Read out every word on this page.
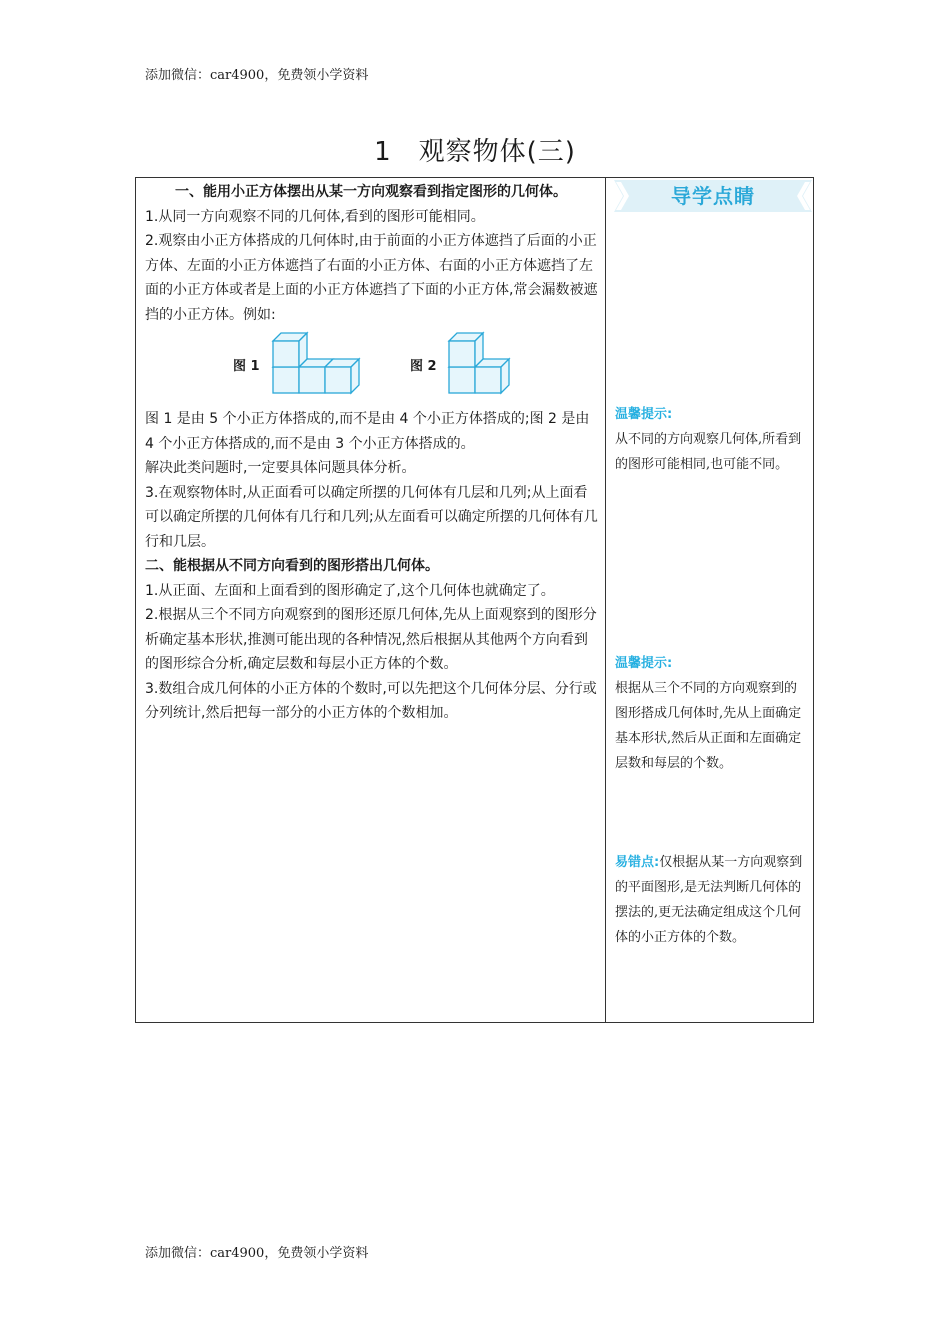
添加微信：car4900，免费领小学资料
1　观察物体(三)

一、能用小正方体摆出从某一方向观察看到指定图形的几何体。

1.从同一方向观察不同的几何体,看到的图形可能相同。

2.观察由小正方体搭成的几何体时,由于前面的小正方体遮挡了后面的小正方体、左面的小正方体遮挡了右面的小正方体、右面的小正方体遮挡了左面的小正方体或者是上面的小正方体遮挡了下面的小正方体,常会漏数被遮挡的小正方体。例如:

图 1	图 2

图 1 是由 5 个小正方体搭成的,而不是由 4 个小正方体搭成的;图 2 是由 4 个小正方体搭成的,而不是由 3 个小正方体搭成的。

解决此类问题时,一定要具体问题具体分析。

3.在观察物体时,从正面看可以确定所摆的几何体有几层和几列;从上面看可以确定所摆的几何体有几行和几列;从左面看可以确定所摆的几何体有几行和几层。

二、能根据从不同方向看到的图形搭出几何体。

1.从正面、左面和上面看到的图形确定了,这个几何体也就确定了。

2.根据从三个不同方向观察到的图形还原几何体,先从上面观察到的图形分析确定基本形状,推测可能出现的各种情况,然后根据从其他两个方向看到的图形综合分析,确定层数和每层小正方体的个数。

3.数组合成几何体的小正方体的个数时,可以先把这个几何体分层、分行或分列统计,然后把每一部分的小正方体的个数相加。

导学点睛
温馨提示:
从不同的方向观察几何体,所看到的图形可能相同,也可能不同。
温馨提示:
根据从三个不同的方向观察到的图形搭成几何体时,先从上面确定基本形状,然后从正面和左面确定层数和每层的个数。
易错点:仅根据从某一方向观察到的平面图形,是无法判断几何体的摆法的,更无法确定组成这个几何体的小正方体的个数。
添加微信：car4900，免费领小学资料
